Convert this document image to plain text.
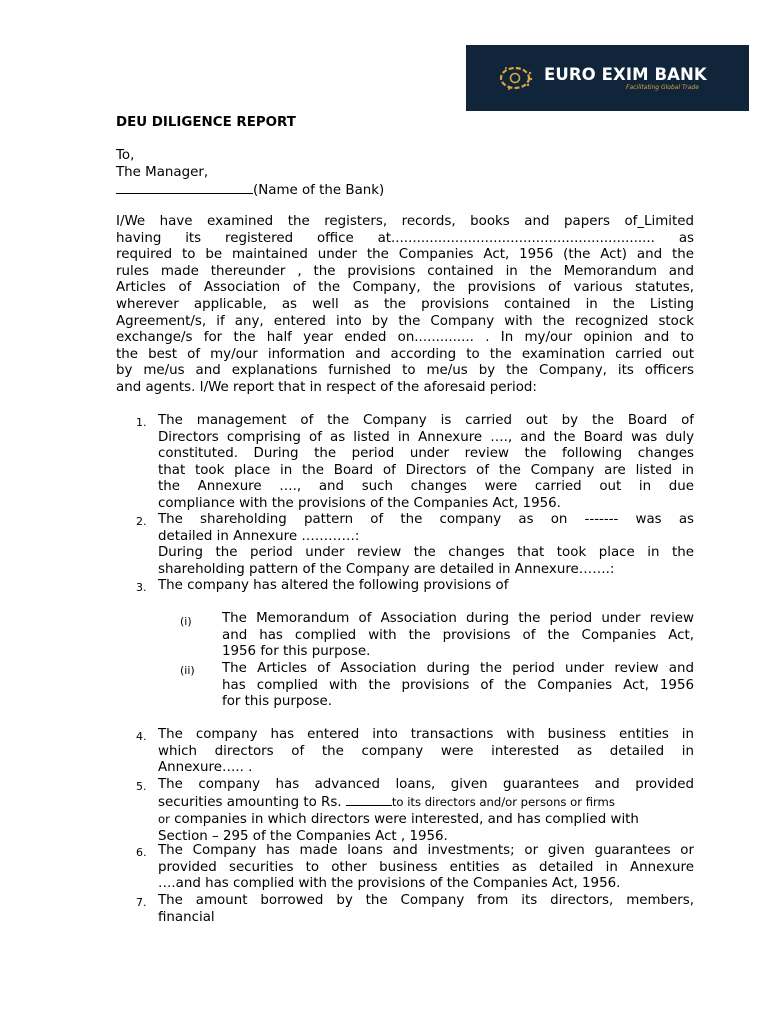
EURO EXIM BANK
Facilitating Global Trade
DEU DILIGENCE REPORT
To,
The Manager,
(Name of the Bank)
I/We have examined the registers, records, books and papers of_Limited
having its registered office at.............................................................. as
required to be maintained under the Companies Act, 1956 (the Act) and the
rules made thereunder , the provisions contained in the Memorandum and
Articles of Association of the Company, the provisions of various statutes,
wherever applicable, as well as the provisions contained in the Listing
Agreement/s, if any, entered into by the Company with the recognized stock
exchange/s for the half year ended on.............. . In my/our opinion and to
the best of my/our information and according to the examination carried out
by me/us and explanations furnished to me/us by the Company, its officers
and agents. I/We report that in respect of the aforesaid period:
1. The management of the Company is carried out by the Board of
Directors comprising of as listed in Annexure …., and the Board was duly
constituted. During the period under review the following changes
that took place in the Board of Directors of the Company are listed in
the Annexure …., and such changes were carried out in due
compliance with the provisions of the Companies Act, 1956.
2. The shareholding pattern of the company as on ------- was as
detailed in Annexure …………:
During the period under review the changes that took place in the
shareholding pattern of the Company are detailed in Annexure…….:
3. The company has altered the following provisions of
(i) The Memorandum of Association during the period under review
and has complied with the provisions of the Companies Act,
1956 for this purpose.
(ii) The Articles of Association during the period under review and
has complied with the provisions of the Companies Act, 1956
for this purpose.
4. The company has entered into transactions with business entities in
which directors of the company were interested as detailed in
Annexure….. .
5. The company has advanced loans, given guarantees and provided
securities amounting to Rs.	to its directors and/or persons or firms
or companies in which directors were interested, and has complied with
Section – 295 of the Companies Act , 1956.
6. The Company has made loans and investments; or given guarantees or
provided securities to other business entities as detailed in Annexure
….and has complied with the provisions of the Companies Act, 1956.
7. The amount borrowed by the Company from its directors, members,
financial
